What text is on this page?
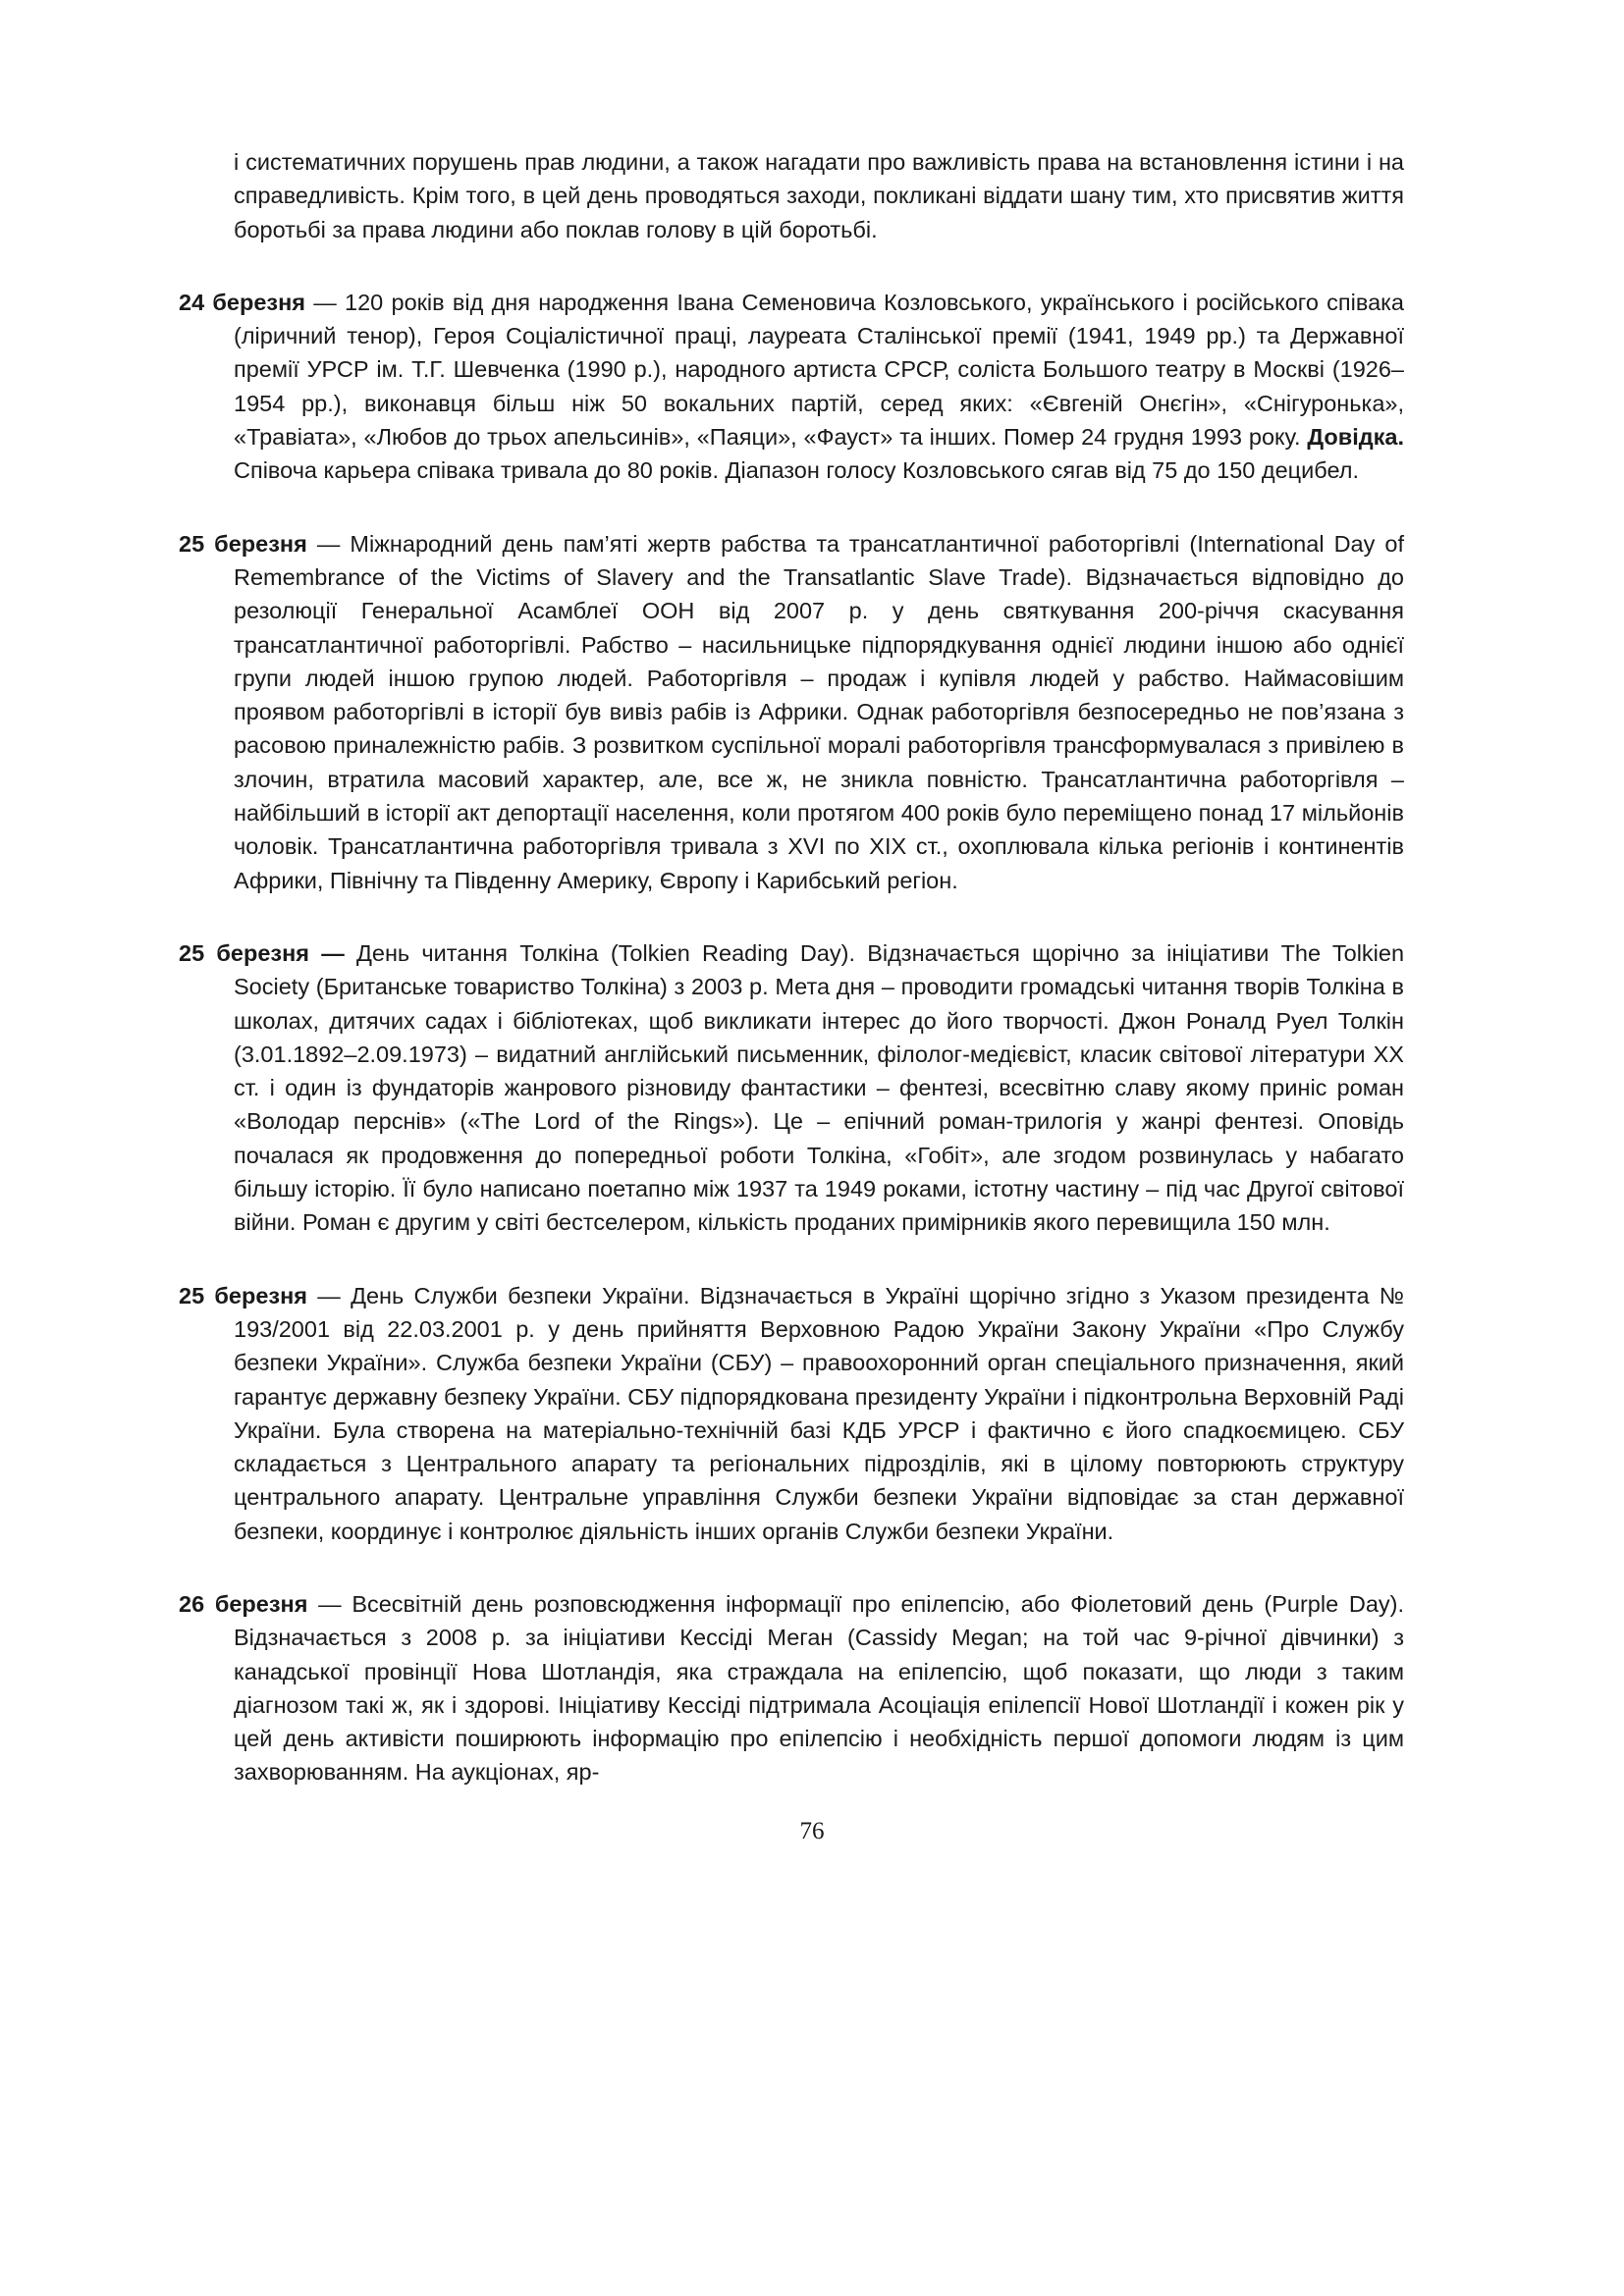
і систематичних порушень прав людини, а також нагадати про важливість права на встановлення істини і на справедливість. Крім того, в цей день проводяться заходи, покликані віддати шану тим, хто присвятив життя боротьбі за права людини або поклав голову в цій боротьбі.

24 березня — 120 років від дня народження Івана Семеновича Козловського, українського і російського співака (ліричний тенор), Героя Соціалістичної праці, лауреата Сталінської премії (1941, 1949 рр.) та Державної премії УРСР ім. Т.Г. Шевченка (1990 р.), народного артиста СРСР, соліста Большого театру в Москві (1926–1954 рр.), виконавця більш ніж 50 вокальних партій, серед яких: «Євгеній Онєгін», «Снігуронька», «Травіата», «Любов до трьох апельсинів», «Паяци», «Фауст» та інших. Помер 24 грудня 1993 року. Довідка. Співоча карьера співака тривала до 80 років. Діапазон голосу Козловського сягав від 75 до 150 децибел.

25 березня — Міжнародний день пам’яті жертв рабства та трансатлантичної работоргівлі (International Day of Remembrance of the Victims of Slavery and the Transatlantic Slave Trade). Відзначається відповідно до резолюції Генеральної Асамблеї ООН від 2007 р. у день святкування 200-річчя скасування трансатлантичної работоргівлі. Рабство – насильницьке підпорядкування однієї людини іншою або однієї групи людей іншою групою людей. Работоргівля – продаж і купівля людей у рабство. Наймасовішим проявом работоргівлі в історії був вивіз рабів із Африки. Однак работоргівля безпосередньо не пов’язана з расовою приналежністю рабів. З розвитком суспільної моралі работоргівля трансформувалася з привілею в злочин, втратила масовий характер, але, все ж, не зникла повністю. Трансатлантична работоргівля – найбільший в історії акт депортації населення, коли протягом 400 років було переміщено понад 17 мільйонів чоловік. Трансатлантична работоргівля тривала з XVI по XIX ст., охоплювала кілька регіонів і континентів Африки, Північну та Південну Америку, Європу і Карибський регіон.

25 березня — День читання Толкіна (Tolkien Reading Day). Відзначається щорічно за ініціативи The Tolkien Society (Британське товариство Толкіна) з 2003 р. Мета дня – проводити громадські читання творів Толкіна в школах, дитячих садах і бібліотеках, щоб викликати інтерес до його творчості. Джон Роналд Руел Толкін (3.01.1892–2.09.1973) – видатний англійський письменник, філолог-медієвіст, класик світової літератури XX ст. і один із фундаторів жанрового різновиду фантастики – фентезі, всесвітню славу якому приніс роман «Володар перснів» («The Lord of the Rings»). Це – епічний роман-трилогія у жанрі фентезі. Оповідь почалася як продовження до попередньої роботи Толкіна, «Гобіт», але згодом розвинулась у набагато більшу історію. Її було написано поетапно між 1937 та 1949 роками, істотну частину – під час Другої світової війни. Роман є другим у світі бестселером, кількість проданих примірників якого перевищила 150 млн.

25 березня — День Служби безпеки України. Відзначається в Україні щорічно згідно з Указом президента № 193/2001 від 22.03.2001 р. у день прийняття Верховною Радою України Закону України «Про Службу безпеки України». Служба безпеки України (СБУ) – правоохоронний орган спеціального призначення, який гарантує державну безпеку України. СБУ підпорядкована президенту України і підконтрольна Верховній Раді України. Була створена на матеріально-технічній базі КДБ УРСР і фактично є його спадкоємицею. СБУ складається з Центрального апарату та регіональних підрозділів, які в цілому повторюють структуру центрального апарату. Центральне управління Служби безпеки України відповідає за стан державної безпеки, координує і контролює діяльність інших органів Служби безпеки України.

26 березня — Всесвітній день розповсюдження інформації про епілепсію, або Фіолетовий день (Purple Day). Відзначається з 2008 р. за ініціативи Кессіді Меган (Cassidy Megan; на той час 9-річної дівчинки) з канадської провінції Нова Шотландія, яка страждала на епілепсію, щоб показати, що люди з таким діагнозом такі ж, як і здорові. Ініціативу Кессіді підтримала Асоціація епілепсії Нової Шотландії і кожен рік у цей день активісти поширюють інформацію про епілепсію і необхідність першої допомоги людям із цим захворюванням. На аукціонах, яр-

76
